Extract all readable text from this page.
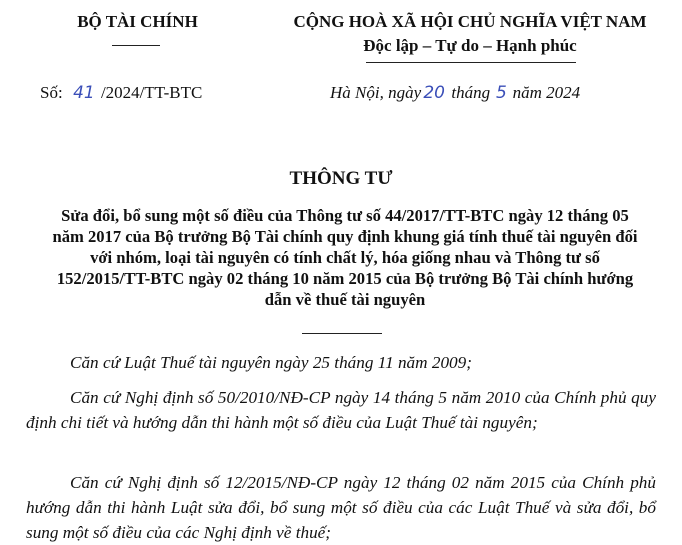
BỘ TÀI CHÍNH	CỘNG HOÀ XÃ HỘI CHỦ NGHĨA VIỆT NAM
Độc lập – Tự do – Hạnh phúc
Số: 41 /2024/TT-BTC	Hà Nội, ngày 20 tháng 5 năm 2024
THÔNG TƯ
Sửa đổi, bổ sung một số điều của Thông tư số 44/2017/TT-BTC ngày 12 tháng 05 năm 2017 của Bộ trưởng Bộ Tài chính quy định khung giá tính thuế tài nguyên đối với nhóm, loại tài nguyên có tính chất lý, hóa giống nhau và Thông tư số 152/2015/TT-BTC ngày 02 tháng 10 năm 2015 của Bộ trưởng Bộ Tài chính hướng dẫn về thuế tài nguyên
Căn cứ Luật Thuế tài nguyên ngày 25 tháng 11 năm 2009;
Căn cứ Nghị định số 50/2010/NĐ-CP ngày 14 tháng 5 năm 2010 của Chính phủ quy định chi tiết và hướng dẫn thi hành một số điều của Luật Thuế tài nguyên;
Căn cứ Nghị định số 12/2015/NĐ-CP ngày 12 tháng 02 năm 2015 của Chính phủ hướng dẫn thi hành Luật sửa đổi, bổ sung một số điều của các Luật Thuế và sửa đổi, bổ sung một số điều của các Nghị định về thuế;
